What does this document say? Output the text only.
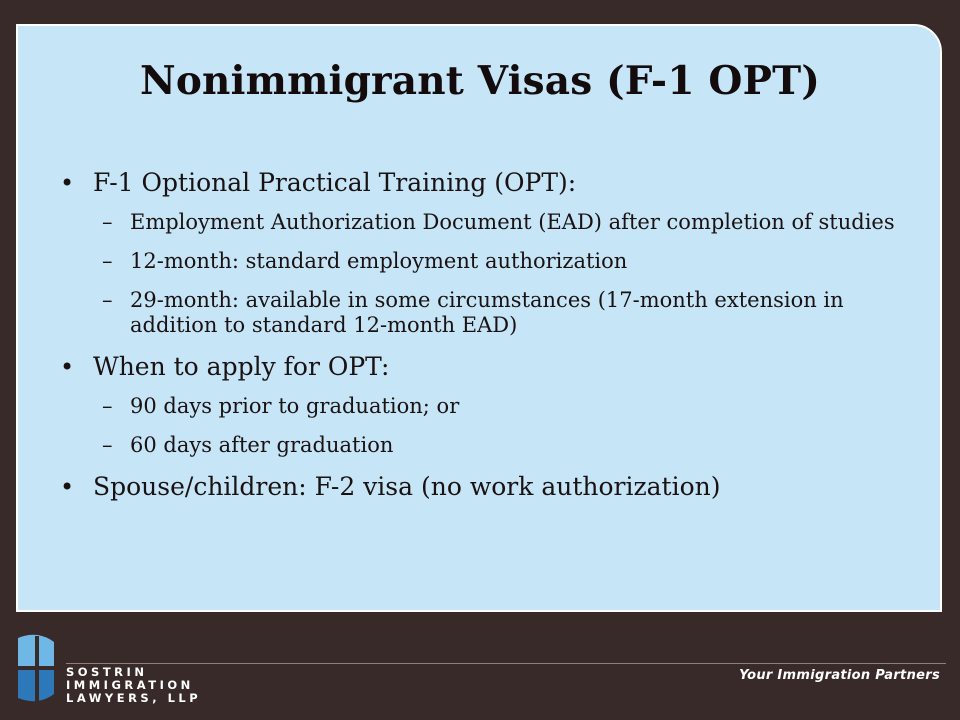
Nonimmigrant Visas (F-1 OPT)
• F-1 Optional Practical Training (OPT):
– Employment Authorization Document (EAD) after completion of studies
– 12-month: standard employment authorization
– 29-month: available in some circumstances (17-month extension in addition to standard 12-month EAD)
• When to apply for OPT:
– 90 days prior to graduation; or
– 60 days after graduation
• Spouse/children: F-2 visa (no work authorization)
SOSTRIN
IMMIGRATION
LAWYERS, LLP
Your Immigration Partners
